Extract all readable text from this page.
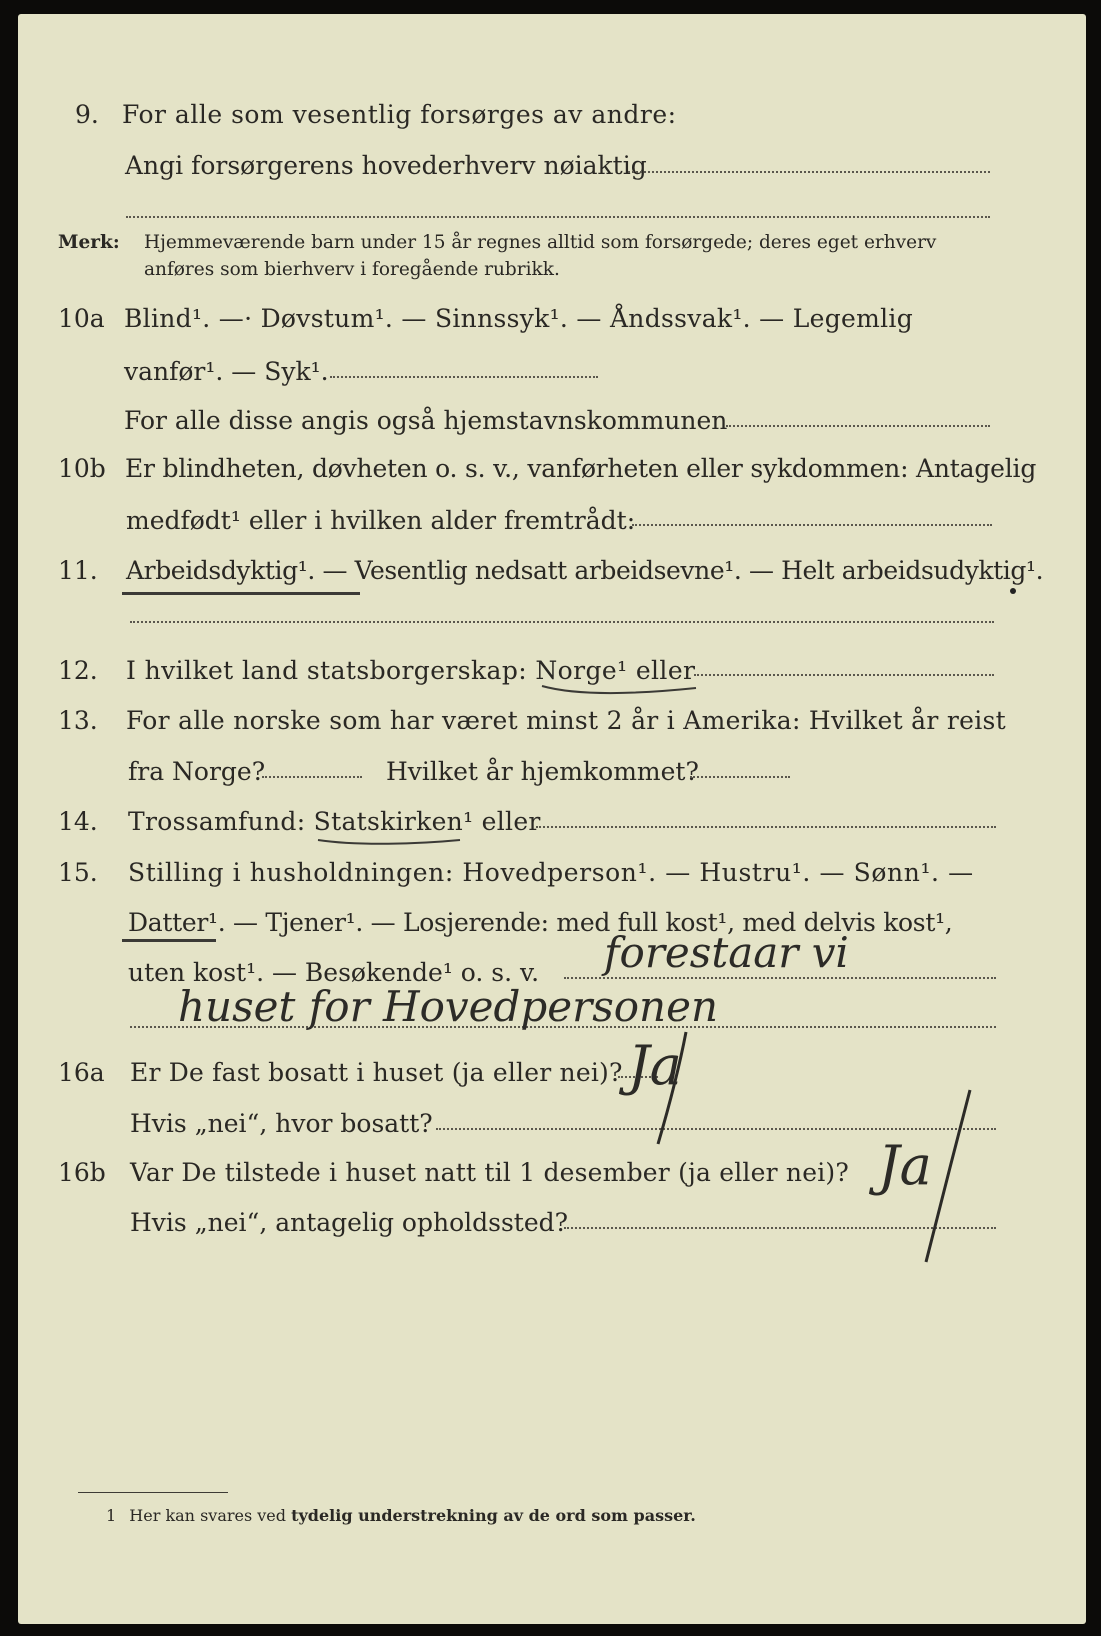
9. For alle som vesentlig forsørges av andre:
Angi forsørgerens hovederhverv nøiaktig
Merk: Hjemmeværende barn under 15 år regnes alltid som forsørgede; deres eget erhverv
anføres som bierhverv i foregående rubrikk.
10a Blind¹. —· Døvstum¹. — Sinnssyk¹. — Åndssvak¹. — Legemlig
vanfør¹. — Syk¹.
For alle disse angis også hjemstavnskommunen
10b Er blindheten, døvheten o. s. v., vanførheten eller sykdommen: Antagelig
medfødt¹ eller i hvilken alder fremtrådt:
11. Arbeidsdyktig¹. — Vesentlig nedsatt arbeidsevne¹. — Helt arbeidsudyktig¹.
12. I hvilket land statsborgerskap: Norge¹ eller
13. For alle norske som har været minst 2 år i Amerika: Hvilket år reist
fra Norge?	Hvilket år hjemkommet?
14. Trossamfund: Statskirken¹ eller
15. Stilling i husholdningen: Hovedperson¹. — Hustru¹. — Sønn¹. —
Datter¹. — Tjener¹. — Losjerende: med full kost¹, med delvis kost¹,
uten kost¹. — Besøkende¹ o. s. v. forestaar vi
huset for Hovedpersonen
16a Er De fast bosatt i huset (ja eller nei)?
Hvis „nei“, hvor bosatt?
Ja
16b Var De tilstede i huset natt til 1 desember (ja eller nei)?
Hvis „nei“, antagelig opholdssted?
Ja
1 Her kan svares ved tydelig understrekning av de ord som passer.
